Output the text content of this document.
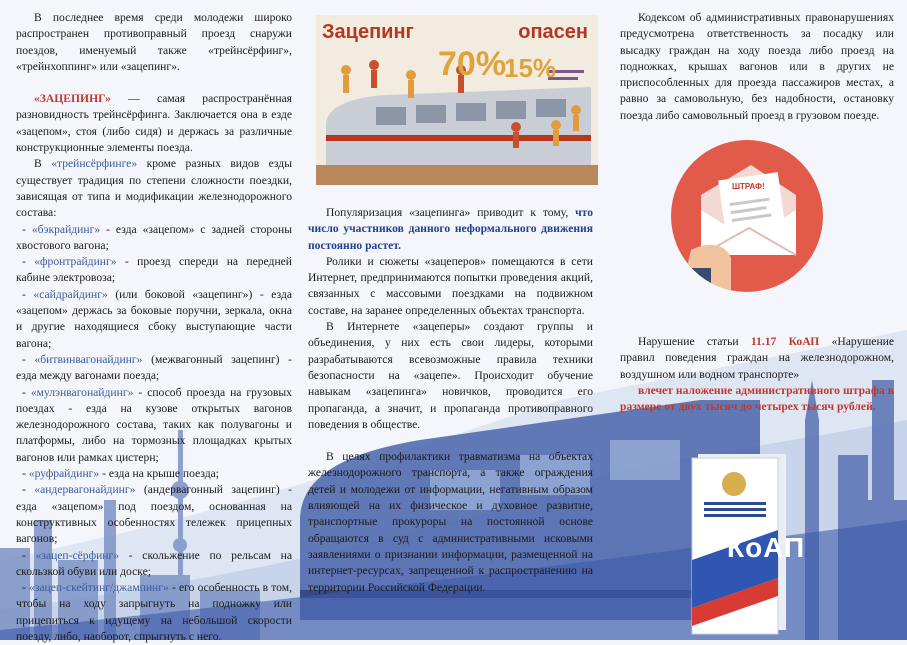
В последнее время среди молодежи широко распространен противоправный проезд снаружи поездов, именуемый также «трейнсёрфинг», «трейнхоппинг» или «зацепинг».

«ЗАЦЕПИНГ» — самая распространённая разновидность трейнсёрфинга. Заключается она в езде «зацепом», стоя (либо сидя) и держась за различные конструкционные элементы поезда.

В «трейнсёрфинге» кроме разных видов езды существует традиция по степени сложности поездки, зависящая от типа и модификации железнодорожного состава:

- «бэкрайдинг» - езда «зацепом» с задней стороны хвостового вагона;

- «фронтрайдинг» - проезд спереди на передней кабине электровоза;

- «сайдрайдинг» (или боковой «зацепинг») - езда «зацепом» держась за боковые поручни, зеркала, окна и другие находящиеся сбоку выступающие части вагона;

- «битвинвагонайдинг» (межвагонный зацепинг) - езда между вагонами поезда;

- «мулэнвагонайдинг» - способ проезда на грузовых поездах - езда на кузове открытых вагонов железнодорожного состава, таких как полувагоны и платформы, либо на тормозных площадках крытых вагонов или рамках цистерн;

- «руфрайдинг» - езда на крыше поезда;

- «андервагонайдинг» (андервагонный зацепинг) - езда «зацепом» под поездом, основанная на конструктивных особенностях тележек прицепных вагонов;

- «зацеп-сёрфинг» - скольжение по рельсам на скользкой обуви или доске;

- «зацеп-скейтинг/джампинг» - его особенность в том, чтобы на ходу запрыгнуть на подножку или прицепиться к идущему на небольшой скорости поезду, либо, наоборот, спрыгнуть с него.

Зацепинг	опасен
70%
15%

Популяризация «зацепинга» приводит к тому, что число участников данного неформального движения постоянно растет.

Ролики и сюжеты «зацеперов» помещаются в сети Интернет, предпринимаются попытки проведения акций, связанных с массовыми поездками на подвижном составе, на заранее определенных объектах транспорта.

В Интернете «зацеперы» создают группы и объединения, у них есть свои лидеры, которыми разрабатываются всевозможные правила техники безопасности на «зацепе». Происходит обучение навыкам «зацепинга» новичков, проводится его пропаганда, а значит, и пропаганда противоправного поведения в обществе.

В целях профилактики травматизма на объектах железнодорожного транспорта, а также ограждения детей и молодежи от информации, негативным образом влияющей на их физическое и духовное развитие, транспортные прокуроры на постоянной основе обращаются в суд с административными исковыми заявлениями о признании информации, размещенной на интернет-ресурсах, запрещенной к распространению на территории Российской Федерации.

Кодексом об административных правонарушениях предусмотрена ответственность за посадку или высадку граждан на ходу поезда либо проезд на подножках, крышах вагонов или в других не приспособленных для проезда пассажиров местах, а равно за самовольную, без надобности, остановку поезда либо самовольный проезд в грузовом поезде.

ШТРАФ!

Нарушение статьи 11.17 КоАП «Нарушение правил поведения граждан на железнодорожном, воздушном или водном транспорте»

влечет наложение административного штрафа в размере от двух тысяч до четырех тысяч рублей.

КоАП
